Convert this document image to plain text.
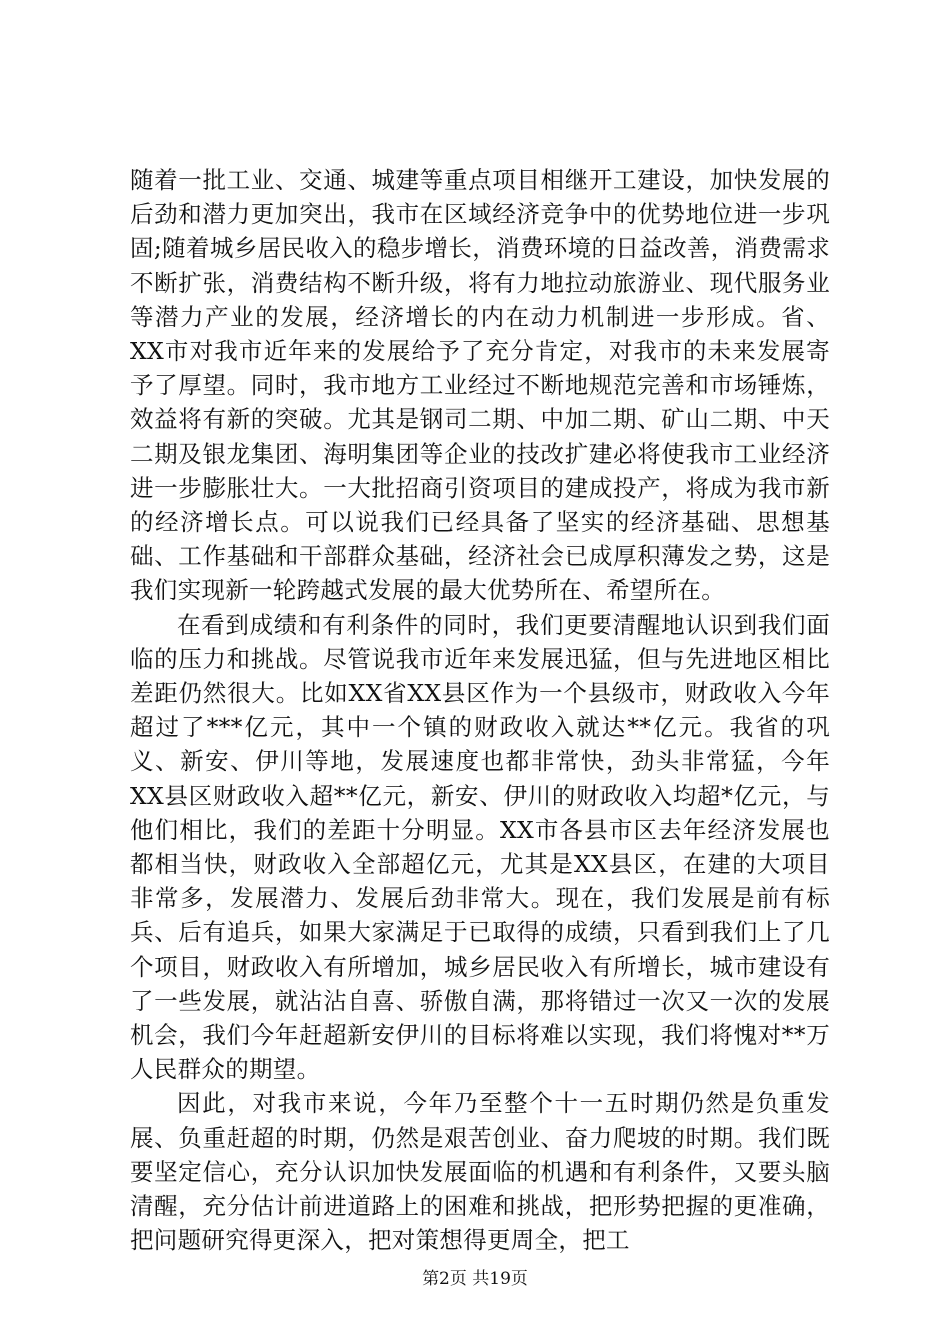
随着一批工业、交通、城建等重点项目相继开工建设，加快发展的后劲和潜力更加突出，我市在区域经济竞争中的优势地位进一步巩固;随着城乡居民收入的稳步增长，消费环境的日益改善，消费需求不断扩张，消费结构不断升级，将有力地拉动旅游业、现代服务业等潜力产业的发展，经济增长的内在动力机制进一步形成。省、XX市对我市近年来的发展给予了充分肯定，对我市的未来发展寄予了厚望。同时，我市地方工业经过不断地规范完善和市场锤炼，效益将有新的突破。尤其是钢司二期、中加二期、矿山二期、中天二期及银龙集团、海明集团等企业的技改扩建必将使我市工业经济进一步膨胀壮大。一大批招商引资项目的建成投产，将成为我市新的经济增长点。可以说我们已经具备了坚实的经济基础、思想基础、工作基础和干部群众基础，经济社会已成厚积薄发之势，这是我们实现新一轮跨越式发展的最大优势所在、希望所在。

在看到成绩和有利条件的同时，我们更要清醒地认识到我们面临的压力和挑战。尽管说我市近年来发展迅猛，但与先进地区相比差距仍然很大。比如XX省XX县区作为一个县级市，财政收入今年超过了***亿元，其中一个镇的财政收入就达**亿元。我省的巩义、新安、伊川等地，发展速度也都非常快，劲头非常猛，今年XX县区财政收入超**亿元，新安、伊川的财政收入均超*亿元，与他们相比，我们的差距十分明显。XX市各县市区去年经济发展也都相当快，财政收入全部超亿元，尤其是XX县区，在建的大项目非常多，发展潜力、发展后劲非常大。现在，我们发展是前有标兵、后有追兵，如果大家满足于已取得的成绩，只看到我们上了几个项目，财政收入有所增加，城乡居民收入有所增长，城市建设有了一些发展，就沾沾自喜、骄傲自满，那将错过一次又一次的发展机会，我们今年赶超新安伊川的目标将难以实现，我们将愧对**万人民群众的期望。

因此，对我市来说，今年乃至整个十一五时期仍然是负重发展、负重赶超的时期，仍然是艰苦创业、奋力爬坡的时期。我们既要坚定信心，充分认识加快发展面临的机遇和有利条件，又要头脑清醒，充分估计前进道路上的困难和挑战，把形势把握的更准确，把问题研究得更深入，把对策想得更周全，把工

第2页 共19页
